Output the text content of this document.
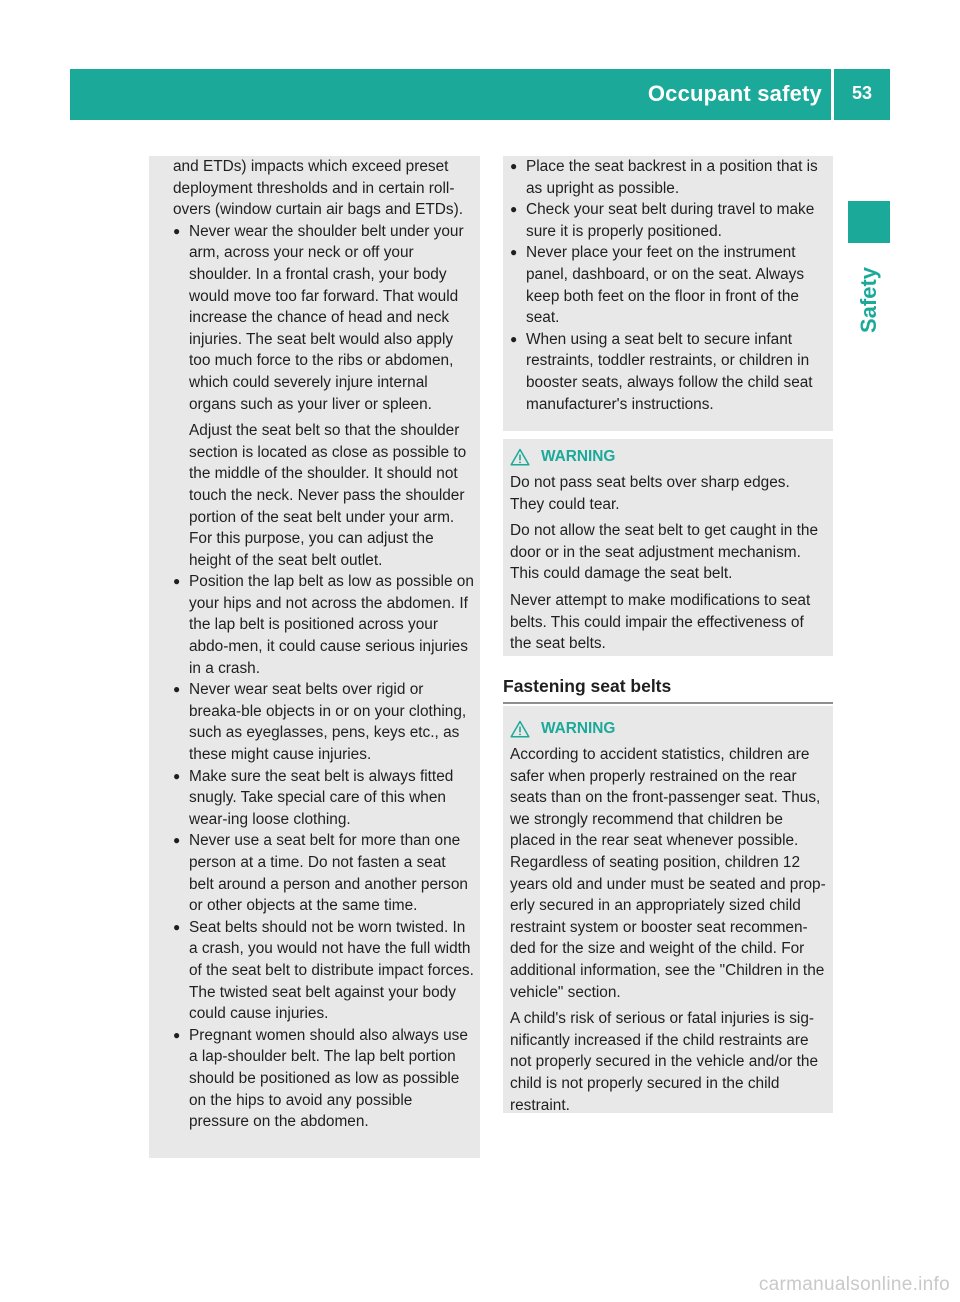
Occupant safety 53
Safety

and ETDs) impacts which exceed preset deployment thresholds and in certain roll-overs (window curtain air bags and ETDs).

● Never wear the shoulder belt under your arm, across your neck or off your shoulder. In a frontal crash, your body would move too far forward. That would increase the chance of head and neck injuries. The seat belt would also apply too much force to the ribs or abdomen, which could severely injure internal organs such as your liver or spleen.

Adjust the seat belt so that the shoulder section is located as close as possible to the middle of the shoulder. It should not touch the neck. Never pass the shoulder portion of the seat belt under your arm. For this purpose, you can adjust the height of the seat belt outlet.

● Position the lap belt as low as possible on your hips and not across the abdomen. If the lap belt is positioned across your abdo-men, it could cause serious injuries in a crash.

● Never wear seat belts over rigid or breaka-ble objects in or on your clothing, such as eyeglasses, pens, keys etc., as these might cause injuries.

● Make sure the seat belt is always fitted snugly. Take special care of this when wear-ing loose clothing.

● Never use a seat belt for more than one person at a time. Do not fasten a seat belt around a person and another person or other objects at the same time.

● Seat belts should not be worn twisted. In a crash, you would not have the full width of the seat belt to distribute impact forces. The twisted seat belt against your body could cause injuries.

● Pregnant women should also always use a lap-shoulder belt. The lap belt portion should be positioned as low as possible on the hips to avoid any possible pressure on the abdomen.

● Place the seat backrest in a position that is as upright as possible.

● Check your seat belt during travel to make sure it is properly positioned.

● Never place your feet on the instrument panel, dashboard, or on the seat. Always keep both feet on the floor in front of the seat.

● When using a seat belt to secure infant restraints, toddler restraints, or children in booster seats, always follow the child seat manufacturer's instructions.

WARNING

Do not pass seat belts over sharp edges. They could tear.

Do not allow the seat belt to get caught in the door or in the seat adjustment mechanism. This could damage the seat belt.

Never attempt to make modifications to seat belts. This could impair the effectiveness of the seat belts.

Fastening seat belts
WARNING

According to accident statistics, children are safer when properly restrained on the rear seats than on the front-passenger seat. Thus, we strongly recommend that children be placed in the rear seat whenever possible. Regardless of seating position, children 12 years old and under must be seated and prop-erly secured in an appropriately sized child restraint system or booster seat recommen-ded for the size and weight of the child. For additional information, see the "Children in the vehicle" section.

A child's risk of serious or fatal injuries is sig-nificantly increased if the child restraints are not properly secured in the vehicle and/or the child is not properly secured in the child restraint.

carmanualsonline.info
